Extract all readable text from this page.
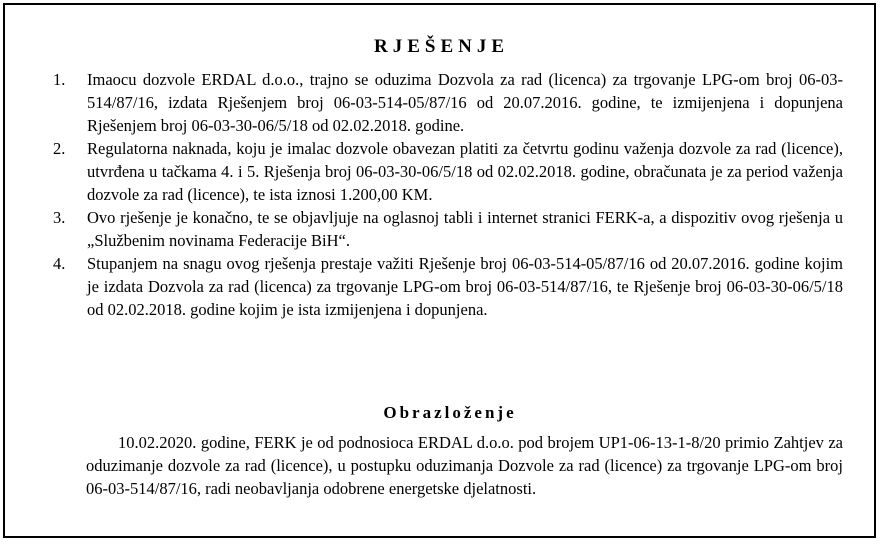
RJEŠENJE
1. Imaocu dozvole ERDAL d.o.o., trajno se oduzima Dozvola za rad (licenca) za trgovanje LPG-om broj 06-03-514/87/16, izdata Rješenjem broj 06-03-514-05/87/16 od 20.07.2016. godine, te izmijenjena i dopunjena Rješenjem broj 06-03-30-06/5/18 od 02.02.2018. godine.
2. Regulatorna naknada, koju je imalac dozvole obavezan platiti za četvrtu godinu važenja dozvole za rad (licence), utvrđena u tačkama 4. i 5. Rješenja broj 06-03-30-06/5/18 od 02.02.2018. godine, obračunata je za period važenja dozvole za rad (licence), te ista iznosi 1.200,00 KM.
3. Ovo rješenje je konačno, te se objavljuje na oglasnoj tabli i internet stranici FERK-a, a dispozitiv ovog rješenja u „Službenim novinama Federacije BiH“.
4. Stupanjem na snagu ovog rješenja prestaje važiti Rješenje broj 06-03-514-05/87/16 od 20.07.2016. godine kojim je izdata Dozvola za rad (licenca) za trgovanje LPG-om broj 06-03-514/87/16, te Rješenje broj 06-03-30-06/5/18 od 02.02.2018. godine kojim je ista izmijenjena i dopunjena.
Obrazloženje

10.02.2020. godine, FERK je od podnosioca ERDAL d.o.o. pod brojem UP1-06-13-1-8/20 primio Zahtjev za oduzimanje dozvole za rad (licence), u postupku oduzimanja Dozvole za rad (licence) za trgovanje LPG-om broj 06-03-514/87/16, radi neobavljanja odobrene energetske djelatnosti.
